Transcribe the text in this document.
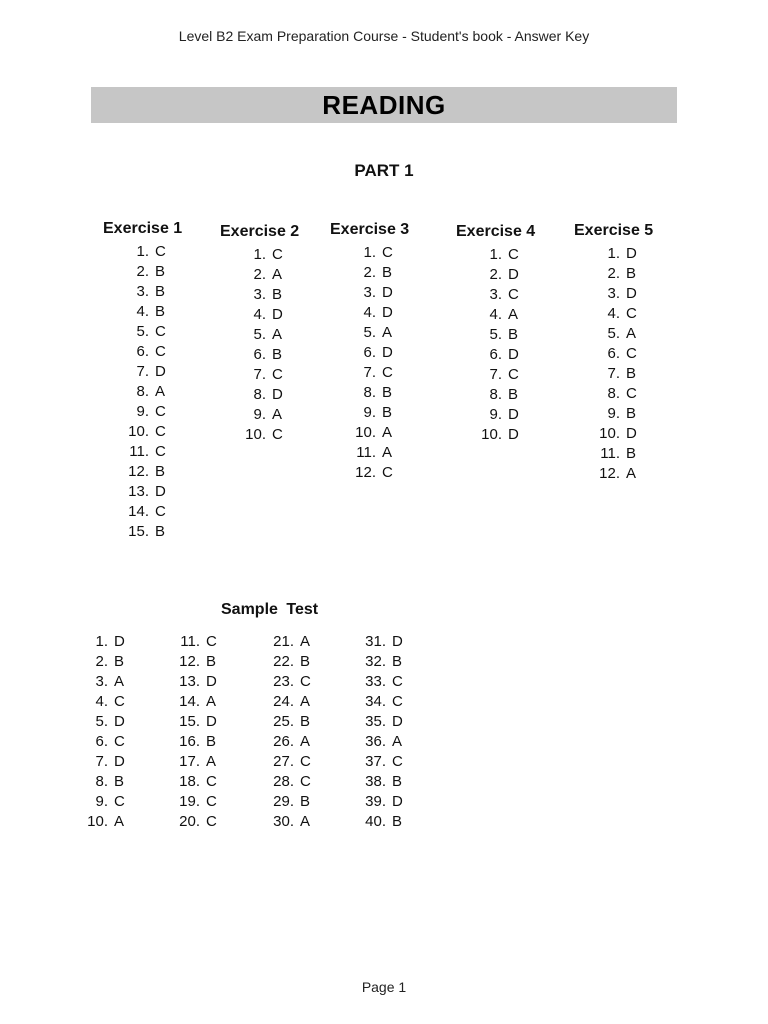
Level B2 Exam Preparation Course - Student's book - Answer Key
READING
PART 1
Exercise 1
1. C
2. B
3. B
4. B
5. C
6. C
7. D
8. A
9. C
10. C
11. C
12. B
13. D
14. C
15. B
Exercise 2
1. C
2. A
3. B
4. D
5. A
6. B
7. C
8. D
9. A
10. C
Exercise 3
1. C
2. B
3. D
4. D
5. A
6. D
7. C
8. B
9. B
10. A
11. A
12. C
Exercise 4
1. C
2. D
3. C
4. A
5. B
6. D
7. C
8. B
9. D
10. D
Exercise 5
1. D
2. B
3. D
4. C
5. A
6. C
7. B
8. C
9. B
10. D
11. B
12. A
Sample Test
1. D
2. B
3. A
4. C
5. D
6. C
7. D
8. B
9. C
10. A
11. C
12. B
13. D
14. A
15. D
16. B
17. A
18. C
19. C
20. C
21. A
22. B
23. C
24. A
25. B
26. A
27. C
28. C
29. B
30. A
31. D
32. B
33. C
34. C
35. D
36. A
37. C
38. B
39. D
40. B
Page 1
